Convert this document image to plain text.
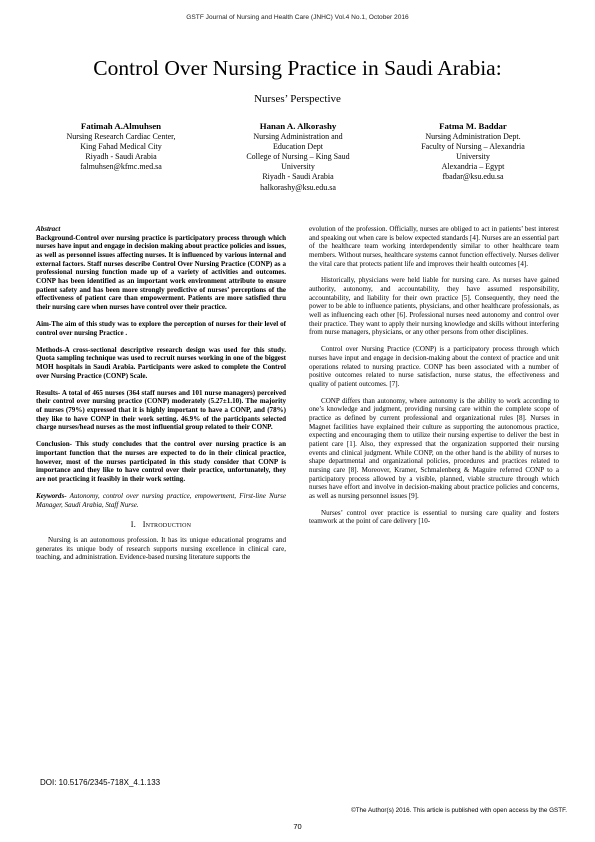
GSTF Journal of Nursing and Health Care (JNHC) Vol.4 No.1, October 2016
Control Over Nursing Practice in Saudi Arabia:
Nurses’ Perspective
Fatimah A.Almuhsen
Nursing Research Cardiac Center,
King Fahad Medical City
Riyadh - Saudi Arabia
falmuhsen@kfmc.med.sa
Hanan A. Alkorashy
Nursing Administration and
Education Dept
College of Nursing – King Saud
University
Riyadh - Saudi Arabia
halkorashy@ksu.edu.sa
Fatma M. Baddar
Nursing Administration Dept.
Faculty of Nursing – Alexandria
University
Alexandria – Egypt
fbadar@ksu.edu.sa

Abstract

Background-Control over nursing practice is participatory process through which nurses have input and engage in decision making about practice policies and issues, as well as personnel issues affecting nurses. It is influenced by various internal and external factors. Staff nurses describe Control Over Nursing Practice (CONP) as a professional nursing function made up of a variety of activities and outcomes. CONP has been identified as an important work environment attribute to ensure patient safety and has been more strongly predictive of nurses’ perceptions of the effectiveness of patient care than empowerment. Patients are more satisfied thru their nursing care when nurses have control over their practice.

Aim-The aim of this study was to explore the perception of nurses for their level of control over nursing Practice .

Methods-A cross-sectional descriptive research design was used for this study. Quota sampling technique was used to recruit nurses working in one of the biggest MOH hospitals in Saudi Arabia. Participants were asked to complete the Control over Nursing Practice (CONP) Scale.

Results- A total of 465 nurses (364 staff nurses and 101 nurse managers) perceived their control over nursing practice (CONP) moderately (5.27±1.10). The majority of nurses (79%) expressed that it is highly important to have a CONP, and (78%) they like to have CONP in their work setting. 46.9% of the participants selected charge nurses/head nurses as the most influential group related to their CONP.

Conclusion- This study concludes that the control over nursing practice is an important function that the nurses are expected to do in their clinical practice, however, most of the nurses participated in this study consider that CONP is importance and they like to have control over their practice, unfortunately, they are not practicing it feasibly in their work setting.

Keywords- Autonomy, control over nursing practice, empowerment, First-line Nurse Manager, Saudi Arabia, Staff Nurse.

I. Introduction

Nursing is an autonomous profession. It has its unique educational programs and generates its unique body of research supports nursing excellence in clinical care, teaching, and administration. Evidence-based nursing literature supports the

evolution of the profession. Officially, nurses are obliged to act in patients’ best interest and speaking out when care is below expected standards [4]. Nurses are an essential part of the healthcare team working interdependently similar to other healthcare team members. Without nurses, healthcare systems cannot function effectively. Nurses deliver the vital care that protects patient life and improves their health outcomes [4].

Historically, physicians were held liable for nursing care. As nurses have gained authority, autonomy, and accountability, they have assumed responsibility, accountability, and liability for their own practice [5]. Consequently, they need the power to be able to influence patients, physicians, and other healthcare professionals, as well as influencing each other [6]. Professional nurses need autonomy and control over their practice. They want to apply their nursing knowledge and skills without interfering from nurse managers, physicians, or any other persons from other disciplines.

Control over Nursing Practice (CONP) is a participatory process through which nurses have input and engage in decision-making about the context of practice and unit operations related to nursing practice. CONP has been associated with a number of positive outcomes related to nurse satisfaction, nurse status, the effectiveness and quality of patient outcomes. [7].

CONP differs than autonomy, where autonomy is the ability to work according to one’s knowledge and judgment, providing nursing care within the complete scope of practice as defined by current professional and organizational rules [8]. Nurses in Magnet facilities have explained their culture as supporting the autonomous practice, expecting and encouraging them to utilize their nursing expertise to deliver the best in patient care [1]. Also, they expressed that the organization supported their nursing events and clinical judgment. While CONP, on the other hand is the ability of nurses to shape departmental and organizational policies, procedures and practices related to nursing care [8]. Moreover, Kramer, Schmalenberg & Maguire referred CONP to a participatory process allowed by a visible, planned, viable structure through which nurses have effort and involve in decision-making about practice policies and concerns, as well as nursing personnel issues [9].

Nurses’ control over practice is essential to nursing care quality and fosters teamwork at the point of care delivery [10-

DOI: 10.5176/2345-718X_4.1.133
©The Author(s) 2016. This article is published with open access by the GSTF.
70
